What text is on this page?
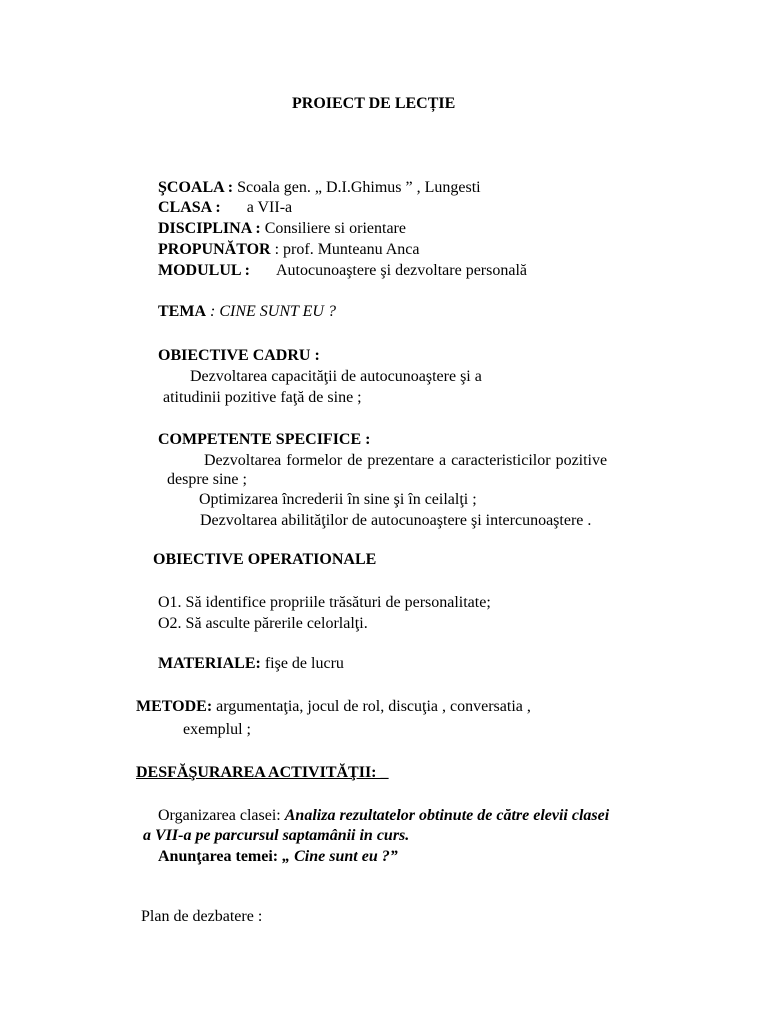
PROIECT DE LECȚIE
ŞCOALA : Scoala gen. „ D.I.Ghimus ” , Lungesti
CLASA : a VII-a
DISCIPLINA : Consiliere si orientare
PROPUNĂTOR : prof. Munteanu Anca
MODULUL : Autocunoaştere şi dezvoltare personală
TEMA : CINE SUNT EU ?
OBIECTIVE CADRU :
Dezvoltarea capacităţii de autocunoaştere şi a
atitudinii pozitive faţă de sine ;
COMPETENTE SPECIFICE :
Dezvoltarea formelor de prezentare a caracteristicilor pozitive
despre sine ;
Optimizarea încrederii în sine şi în ceilalţi ;
Dezvoltarea abilităţilor de autocunoaştere şi intercunoaştere .
OBIECTIVE OPERATIONALE
O1. Să identifice propriile trăsături de personalitate;
O2. Să asculte părerile celorlalţi.
MATERIALE: fişe de lucru
METODE: argumentaţia, jocul de rol, discuţia , conversatia ,
exemplul ;
DESFĂŞURAREA ACTIVITĂŢII: _
Organizarea clasei: Analiza rezultatelor obtinute de către elevii clasei
a VII-a pe parcursul saptamânii in curs.
Anunţarea temei: „ Cine sunt eu ?”
Plan de dezbatere :
